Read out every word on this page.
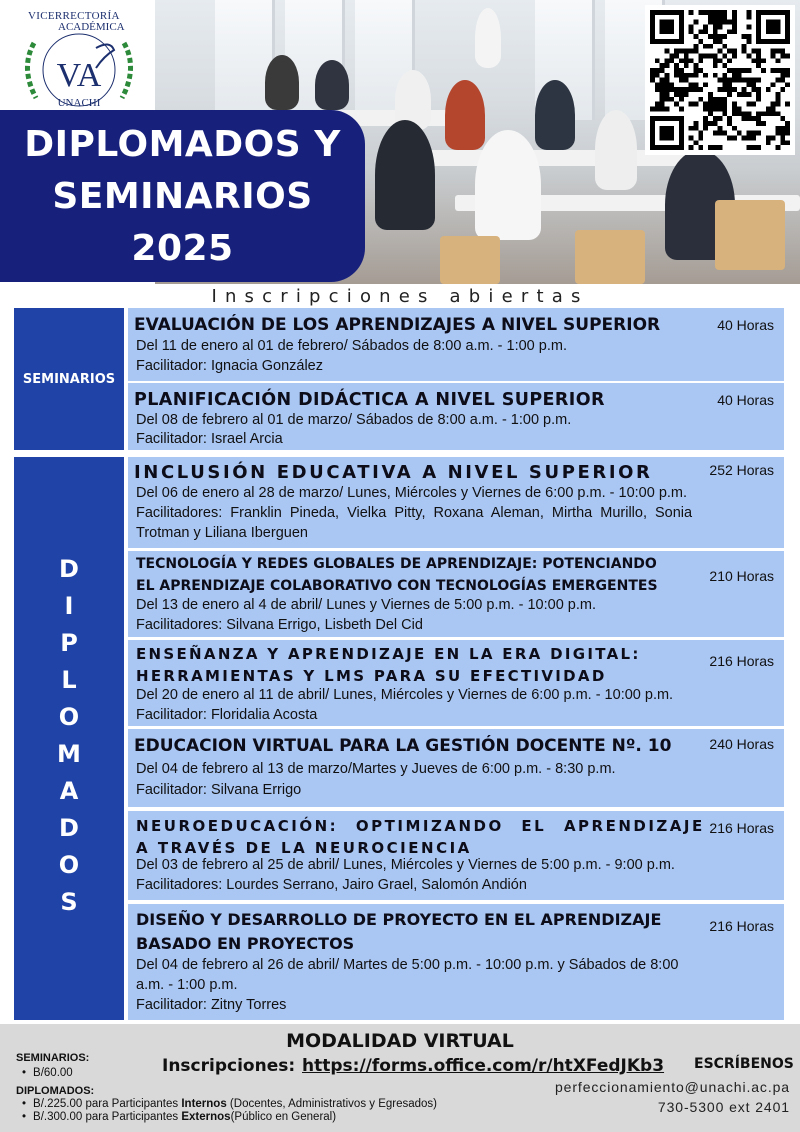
VICERRECTORÍA
ACADÉMICA
VA
UNACHI
DIPLOMADOS Y
SEMINARIOS
2025
Inscripciones abiertas
SEMINARIOS
D
I
P
L
O
M
A
D
O
S
EVALUACIÓN DE LOS APRENDIZAJES A NIVEL SUPERIOR	40 Horas
Del 11 de enero al 01 de febrero/ Sábados de 8:00 a.m. - 1:00 p.m.
Facilitador: Ignacia González
PLANIFICACIÓN DIDÁCTICA A NIVEL SUPERIOR	40 Horas
Del 08 de febrero al 01 de marzo/ Sábados de 8:00 a.m. - 1:00 p.m.
Facilitador: Israel Arcia
INCLUSIÓN EDUCATIVA A NIVEL SUPERIOR	252 Horas
Del 06 de enero al 28 de marzo/ Lunes, Miércoles y Viernes de 6:00 p.m. - 10:00 p.m.
Facilitadores: Franklin Pineda, Vielka Pitty, Roxana Aleman, Mirtha Murillo, Sonia
Trotman y Liliana Iberguen
TECNOLOGÍA Y REDES GLOBALES DE APRENDIZAJE: POTENCIANDO
EL APRENDIZAJE COLABORATIVO CON TECNOLOGÍAS EMERGENTES
210 Horas
Del 13 de enero al 4 de abril/ Lunes y Viernes de 5:00 p.m. - 10:00 p.m.
Facilitadores: Silvana Errigo, Lisbeth Del Cid
ENSEÑANZA Y APRENDIZAJE EN LA ERA DIGITAL:
HERRAMIENTAS Y LMS PARA SU EFECTIVIDAD
216 Horas
Del 20 de enero al 11 de abril/ Lunes, Miércoles y Viernes de 6:00 p.m. - 10:00 p.m.
Facilitador: Floridalia Acosta
EDUCACION VIRTUAL PARA LA GESTIÓN DOCENTE Nº. 10	240 Horas
Del 04 de febrero al 13 de marzo/Martes y Jueves de 6:00 p.m. - 8:30 p.m.
Facilitador: Silvana Errigo
NEUROEDUCACIÓN: OPTIMIZANDO EL APRENDIZAJE
A TRAVÉS DE LA NEUROCIENCIA
216 Horas
Del 03 de febrero al 25 de abril/ Lunes, Miércoles y Viernes de 5:00 p.m. - 9:00 p.m.
Facilitadores: Lourdes Serrano, Jairo Grael, Salomón Andión
DISEÑO Y DESARROLLO DE PROYECTO EN EL APRENDIZAJE
BASADO EN PROYECTOS
216 Horas
Del 04 de febrero al 26 de abril/ Martes de 5:00 p.m. - 10:00 p.m. y Sábados de 8:00
a.m. - 1:00 p.m.
Facilitador: Zitny Torres
MODALIDAD VIRTUAL
Inscripciones: https://forms.office.com/r/htXFedJKb3 ESCRÍBENOS
perfeccionamiento@unachi.ac.pa
730-5300 ext 2401
SEMINARIOS:
• B/60.00
DIPLOMADOS:
• B/.225.00 para Participantes Internos (Docentes, Administrativos y Egresados)
• B/.300.00 para Participantes Externos(Público en General)
